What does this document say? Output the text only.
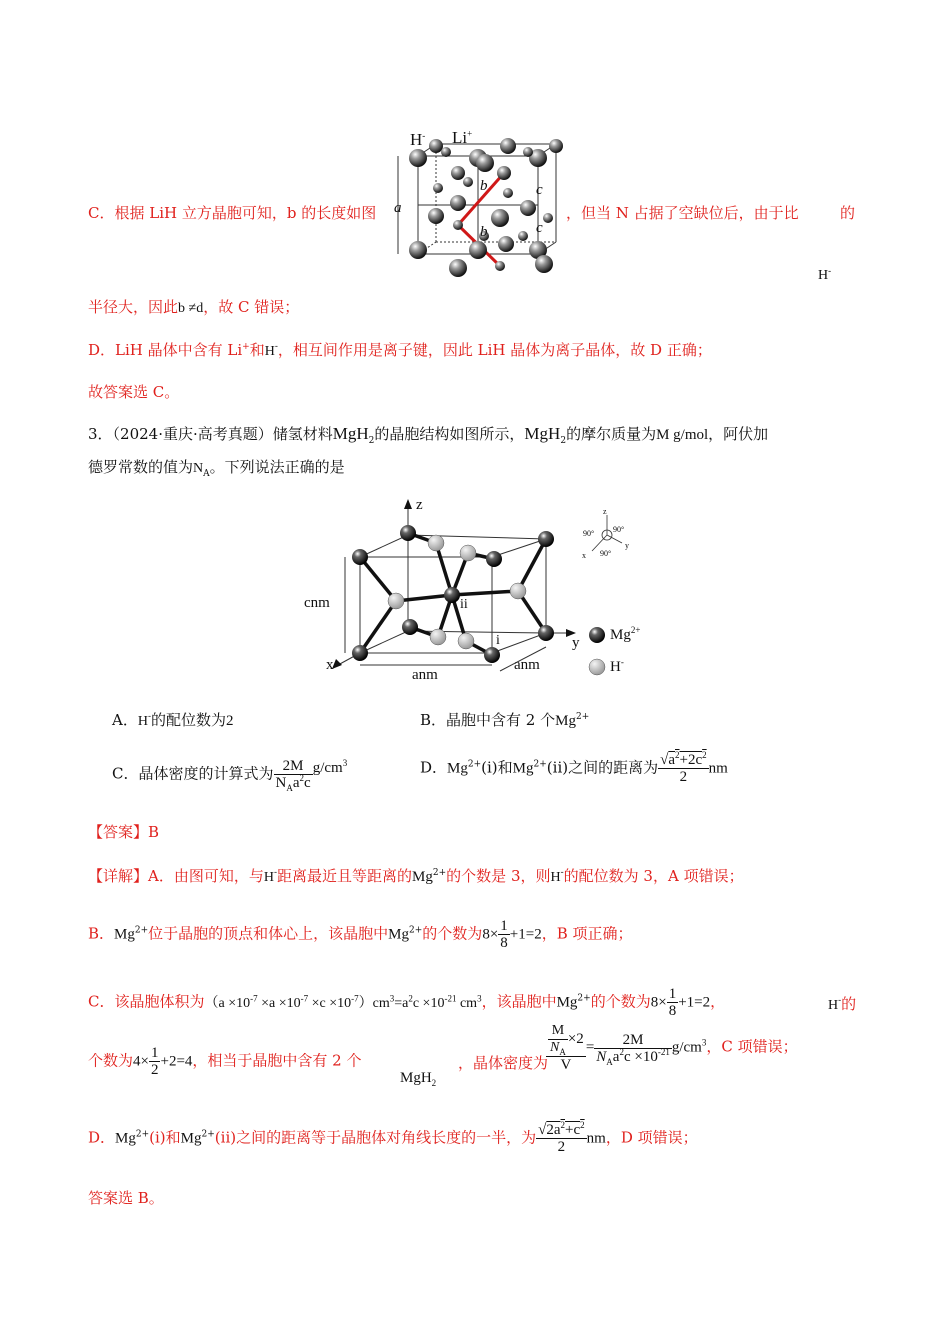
H- Li+
a
b
b
c
c
C．根据 LiH 立方晶胞可知，b 的长度如图	，但当 N 占据了空缺位后，由于比	的
H-
半径大，因此b ≠d，故 C 错误；
D．LiH 晶体中含有 Li+和H-，相互间作用是离子键，因此 LiH 晶体为离子晶体，故 D 正确；
故答案选 C。
3．（2024·重庆·高考真题）储氢材料MgH$_2$的晶胞结构如图所示，MgH$_2$的摩尔质量为M g/mol，阿伏加
德罗常数的值为$N_A$。下列说法正确的是
z
y
x
cnm
anm
anm
ii
i	$Mg^{2+}$
H-
z
y
x
90°
90°
90°
A．H-的配位数为2	B．晶胞中含有 2 个$Mg^{2+}$
C．晶体密度的计算式为 $\frac{2M}{N_Aa^2c} g/cm^3$	D．$Mg^{2+}(i)$和$Mg^{2+}(ii)$之间的距离为 $\frac{√a^2+2c^2}{2}$ nm
【答案】B
【详解】A．由图可知，与H-距离最近且等距离的$Mg^{2+}$的个数是 3，则H-的配位数为 3，A 项错误；
B．$Mg^{2+}$位于晶胞的顶点和体心上，该晶胞中$Mg^{2+}$的个数为$8\times \frac{1}{8} +1=2$，B 项正确；
C．该晶胞体积为$(a \times 10^{-7} \times a \times 10^{-7} \times c \times 10^{-7})cm^3=a^2c \times 10^{-21}$ $cm^3$，该晶胞中$Mg^{2+}$的个数为$8\times \frac{1}{8} +1=2$，	H-的
个数为$4\times \frac{1}{2} +2=4$，相当于晶胞中含有 2 个
MgH$_2$
，晶体密度为
$\frac{\frac{M}{N_A} \times 2}{V} = \frac{2M}{N_Aa^2c \times 10^{-21}} g/cm^3$，C 项错误；
D．$Mg^{2+}(i)$和$Mg^{2+}(ii)$之间的距离等于晶胞体对角线长度的一半，为 $\frac{√2a^2+c^2}{2}$ nm，D 项错误；
答案选 B。
